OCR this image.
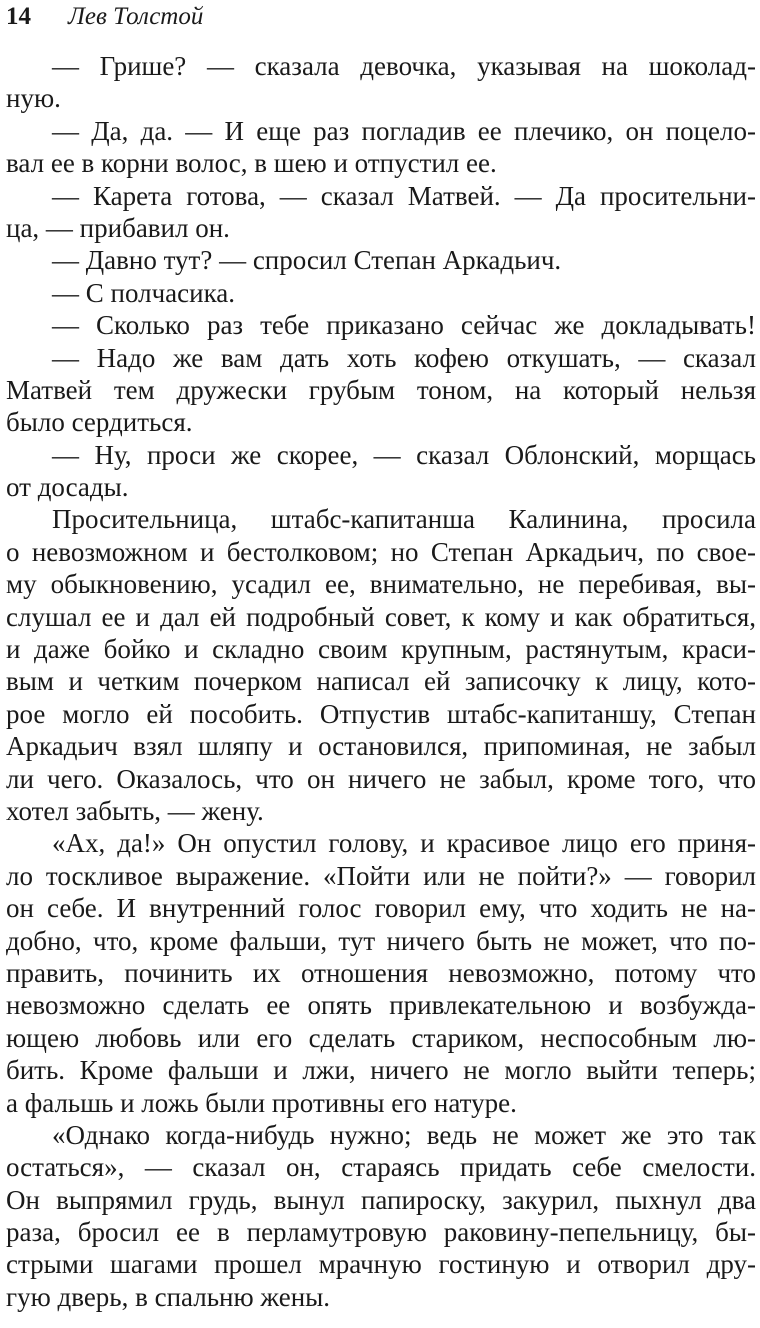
14 Лев Толстой
— Грише? — сказала девочка, указывая на шоколад-
ную.
— Да, да. — И еще раз погладив ее плечико, он поцело-
вал ее в корни волос, в шею и отпустил ее.
— Карета готова, — сказал Матвей. — Да просительни-
ца, — прибавил он.
— Давно тут? — спросил Степан Аркадьич.
— С полчасика.
— Сколько раз тебе приказано сейчас же докладывать!
— Надо же вам дать хоть кофею откушать, — сказал
Матвей тем дружески грубым тоном, на который нельзя
было сердиться.
— Ну, проси же скорее, — сказал Облонский, морщась
от досады.
Просительница, штабс-капитанша Калинина, просила
о невозможном и бестолковом; но Степан Аркадьич, по свое-
му обыкновению, усадил ее, внимательно, не перебивая, вы-
слушал ее и дал ей подробный совет, к кому и как обратиться,
и даже бойко и складно своим крупным, растянутым, краси-
вым и четким почерком написал ей записочку к лицу, кото-
рое могло ей пособить. Отпустив штабс-капитаншу, Степан
Аркадьич взял шляпу и остановился, припоминая, не забыл
ли чего. Оказалось, что он ничего не забыл, кроме того, что
хотел забыть, — жену.
«Ах, да!» Он опустил голову, и красивое лицо его приня-
ло тоскливое выражение. «Пойти или не пойти?» — говорил
он себе. И внутренний голос говорил ему, что ходить не на-
добно, что, кроме фальши, тут ничего быть не может, что по-
править, починить их отношения невозможно, потому что
невозможно сделать ее опять привлекательною и возбужда-
ющею любовь или его сделать стариком, неспособным лю-
бить. Кроме фальши и лжи, ничего не могло выйти теперь;
а фальшь и ложь были противны его натуре.
«Однако когда-нибудь нужно; ведь не может же это так
остаться», — сказал он, стараясь придать себе смелости.
Он выпрямил грудь, вынул папироску, закурил, пыхнул два
раза, бросил ее в перламутровую раковину-пепельницу, бы-
стрыми шагами прошел мрачную гостиную и отворил дру-
гую дверь, в спальню жены.
